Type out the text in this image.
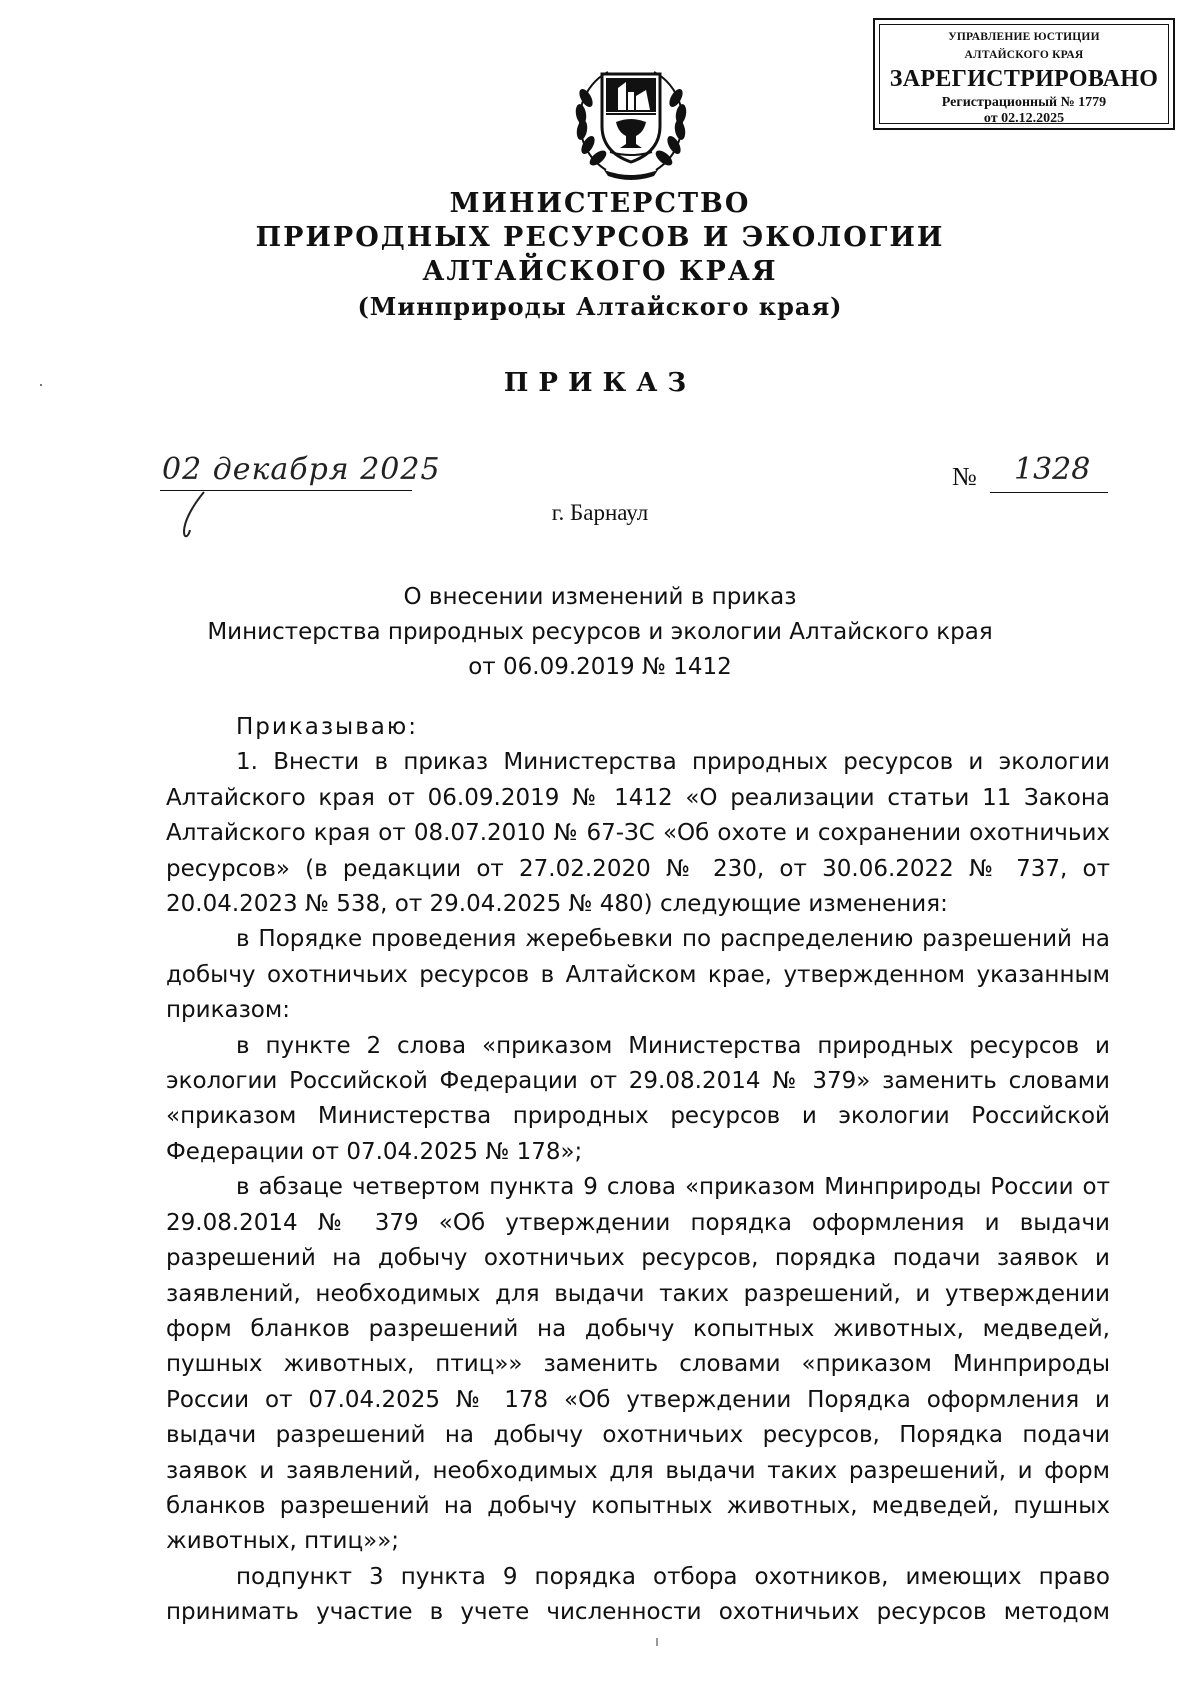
УПРАВЛЕНИЕ ЮСТИЦИИ
АЛТАЙСКОГО КРАЯ
ЗАРЕГИСТРИРОВАНО
Регистрационный № 1779
от 02.12.2025
МИНИСТЕРСТВО
ПРИРОДНЫХ РЕСУРСОВ И ЭКОЛОГИИ
АЛТАЙСКОГО КРАЯ
(Минприроды Алтайского края)
ПРИКАЗ
02 декабря 2025	№ 1328
г. Барнаул
О внесении изменений в приказ
Министерства природных ресурсов и экологии Алтайского края
от 06.09.2019 № 1412

Приказываю:

1. Внести в приказ Министерства природных ресурсов и экологии Алтайского края от 06.09.2019 № 1412 «О реализации статьи 11 Закона Алтайского края от 08.07.2010 № 67-ЗС «Об охоте и сохранении охотничьих ресурсов» (в редакции от 27.02.2020 № 230, от 30.06.2022 № 737, от 20.04.2023 № 538, от 29.04.2025 № 480) следующие изменения:

в Порядке проведения жеребьевки по распределению разрешений на добычу охотничьих ресурсов в Алтайском крае, утвержденном указанным приказом:

в пункте 2 слова «приказом Министерства природных ресурсов и экологии Российской Федерации от 29.08.2014 № 379» заменить словами «приказом Министерства природных ресурсов и экологии Российской Федерации от 07.04.2025 № 178»;

в абзаце четвертом пункта 9 слова «приказом Минприроды России от 29.08.2014 № 379 «Об утверждении порядка оформления и выдачи разрешений на добычу охотничьих ресурсов, порядка подачи заявок и заявлений, необходимых для выдачи таких разрешений, и утверждении форм бланков разрешений на добычу копытных животных, медведей, пушных животных, птиц»» заменить словами «приказом Минприроды России от 07.04.2025 № 178 «Об утверждении Порядка оформления и выдачи разрешений на добычу охотничьих ресурсов, Порядка подачи заявок и заявлений, необходимых для выдачи таких разрешений, и форм бланков разрешений на добычу копытных животных, медведей, пушных животных, птиц»»;

подпункт 3 пункта 9 порядка отбора охотников, имеющих право принимать участие в учете численности охотничьих ресурсов методом
